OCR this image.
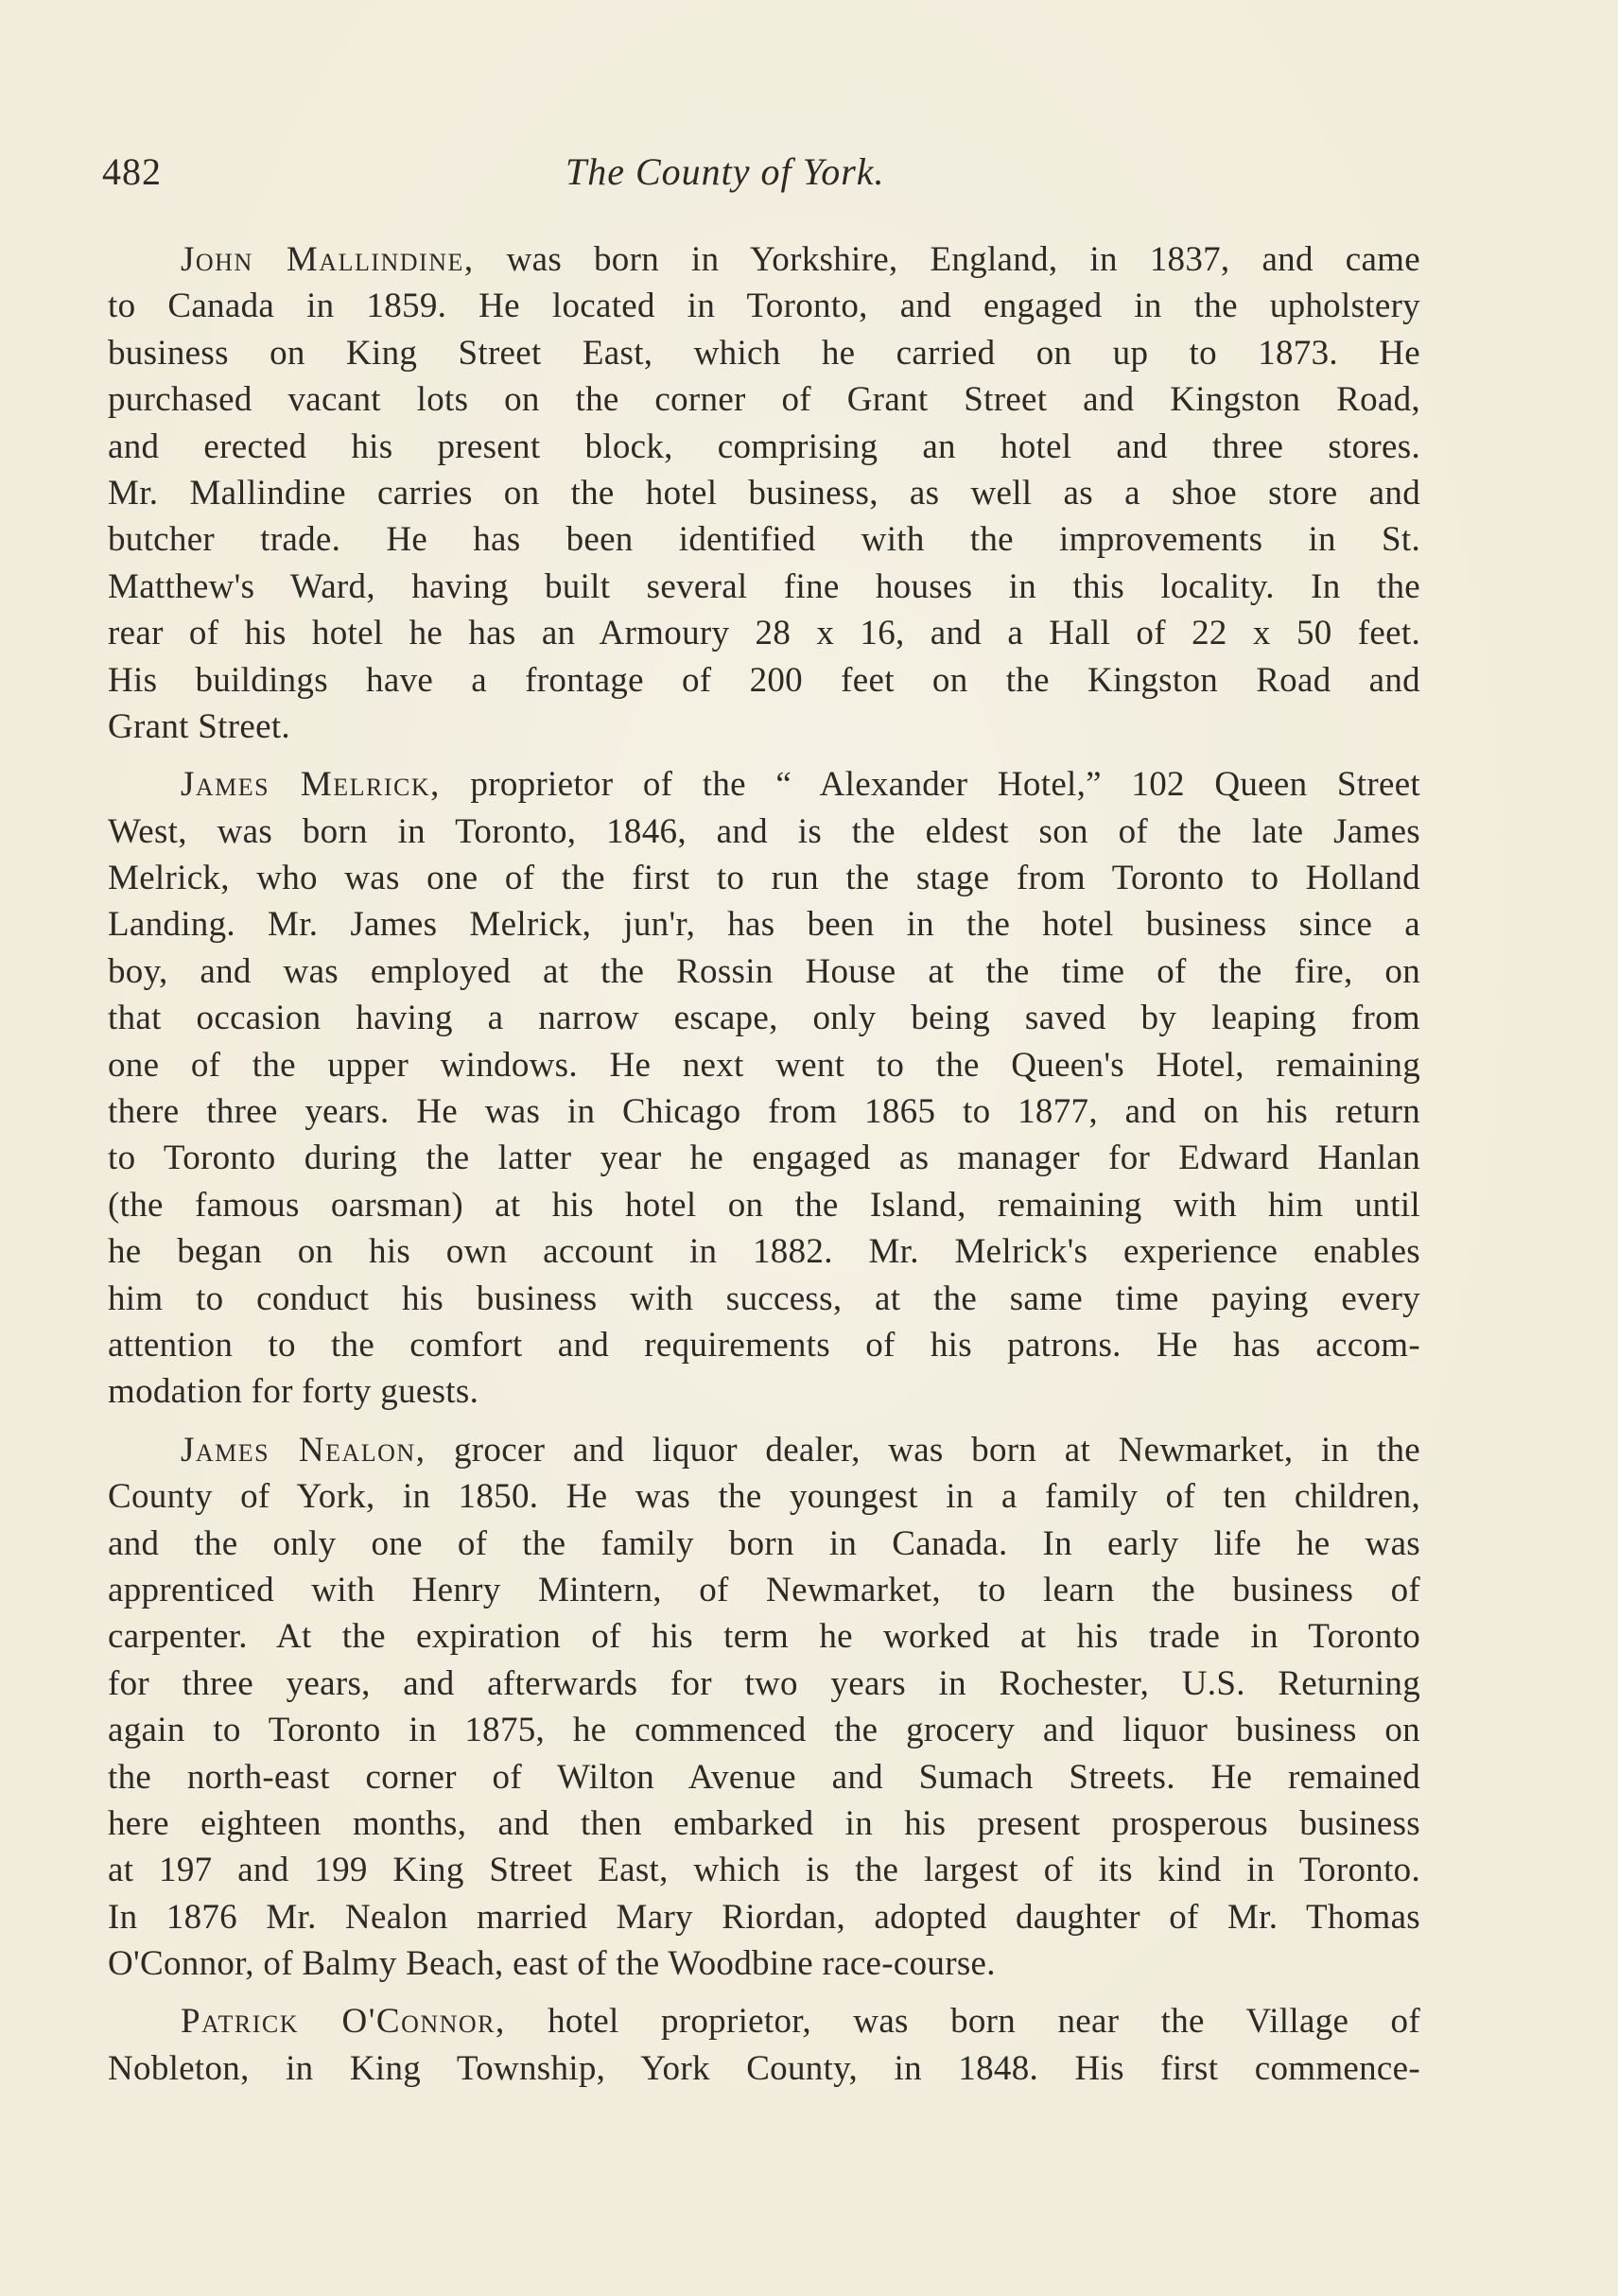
482	The County of York.
John Mallindine, was born in Yorkshire, England, in 1837, and came
to Canada in 1859. He located in Toronto, and engaged in the upholstery
business on King Street East, which he carried on up to 1873. He
purchased vacant lots on the corner of Grant Street and Kingston Road,
and erected his present block, comprising an hotel and three stores.
Mr. Mallindine carries on the hotel business, as well as a shoe store and
butcher trade. He has been identified with the improvements in St.
Matthew's Ward, having built several fine houses in this locality. In the
rear of his hotel he has an Armoury 28 x 16, and a Hall of 22 x 50 feet.
His buildings have a frontage of 200 feet on the Kingston Road and
Grant Street.
James Melrick, proprietor of the “ Alexander Hotel,” 102 Queen Street
West, was born in Toronto, 1846, and is the eldest son of the late James
Melrick, who was one of the first to run the stage from Toronto to Holland
Landing. Mr. James Melrick, jun'r, has been in the hotel business since a
boy, and was employed at the Rossin House at the time of the fire, on
that occasion having a narrow escape, only being saved by leaping from
one of the upper windows. He next went to the Queen's Hotel, remaining
there three years. He was in Chicago from 1865 to 1877, and on his return
to Toronto during the latter year he engaged as manager for Edward Hanlan
(the famous oarsman) at his hotel on the Island, remaining with him until
he began on his own account in 1882. Mr. Melrick's experience enables
him to conduct his business with success, at the same time paying every
attention to the comfort and requirements of his patrons. He has accom-
modation for forty guests.
James Nealon, grocer and liquor dealer, was born at Newmarket, in the
County of York, in 1850. He was the youngest in a family of ten children,
and the only one of the family born in Canada. In early life he was
apprenticed with Henry Mintern, of Newmarket, to learn the business of
carpenter. At the expiration of his term he worked at his trade in Toronto
for three years, and afterwards for two years in Rochester, U.S. Returning
again to Toronto in 1875, he commenced the grocery and liquor business on
the north-east corner of Wilton Avenue and Sumach Streets. He remained
here eighteen months, and then embarked in his present prosperous business
at 197 and 199 King Street East, which is the largest of its kind in Toronto.
In 1876 Mr. Nealon married Mary Riordan, adopted daughter of Mr. Thomas
O'Connor, of Balmy Beach, east of the Woodbine race-course.
Patrick O'Connor, hotel proprietor, was born near the Village of
Nobleton, in King Township, York County, in 1848. His first commence-
